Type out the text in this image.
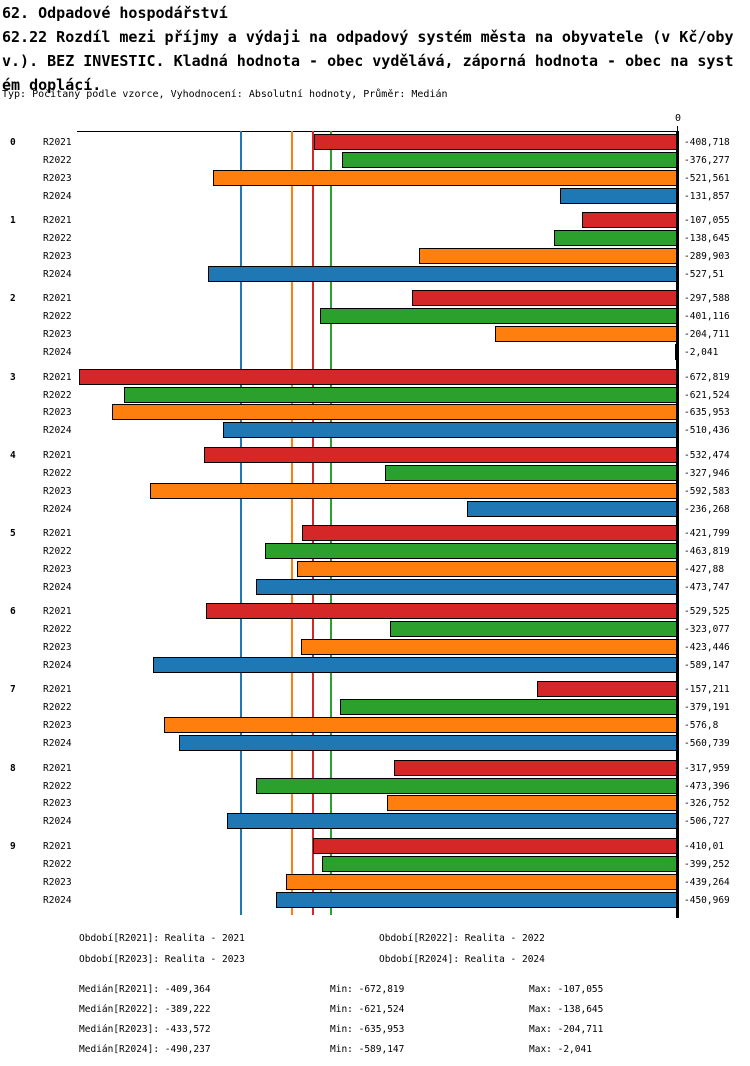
62. Odpadové hospodářství
62.22 Rozdíl mezi příjmy a výdaji na odpadový systém města na obyvatele (v Kč/oby
v.). BEZ INVESTIC. Kladná hodnota - obec vydělává, záporná hodnota - obec na syst
ém doplácí.
Typ: Počítaný podle vzorce, Vyhodnocení: Absolutní hodnoty, Průměr: Medián
0
0	R2021	-408,718
R2022	-376,277
R2023	-521,561
R2024	-131,857
1	R2021	-107,055
R2022	-138,645
R2023	-289,903
R2024	-527,51
2	R2021	-297,588
R2022	-401,116
R2023	-204,711
R2024	-2,041
3	R2021	-672,819
R2022	-621,524
R2023	-635,953
R2024	-510,436
4	R2021	-532,474
R2022	-327,946
R2023	-592,583
R2024	-236,268
5	R2021	-421,799
R2022	-463,819
R2023	-427,88
R2024	-473,747
6	R2021	-529,525
R2022	-323,077
R2023	-423,446
R2024	-589,147
7	R2021	-157,211
R2022	-379,191
R2023	-576,8
R2024	-560,739
8	R2021	-317,959
R2022	-473,396
R2023	-326,752
R2024	-506,727
9	R2021	-410,01
R2022	-399,252
R2023	-439,264
R2024	-450,969
Období[R2021]: Realita - 2021	Období[R2022]: Realita - 2022
Období[R2023]: Realita - 2023	Období[R2024]: Realita - 2024
Medián[R2021]: -409,364	Min: -672,819	Max: -107,055
Medián[R2022]: -389,222	Min: -621,524	Max: -138,645
Medián[R2023]: -433,572	Min: -635,953	Max: -204,711
Medián[R2024]: -490,237	Min: -589,147	Max: -2,041
